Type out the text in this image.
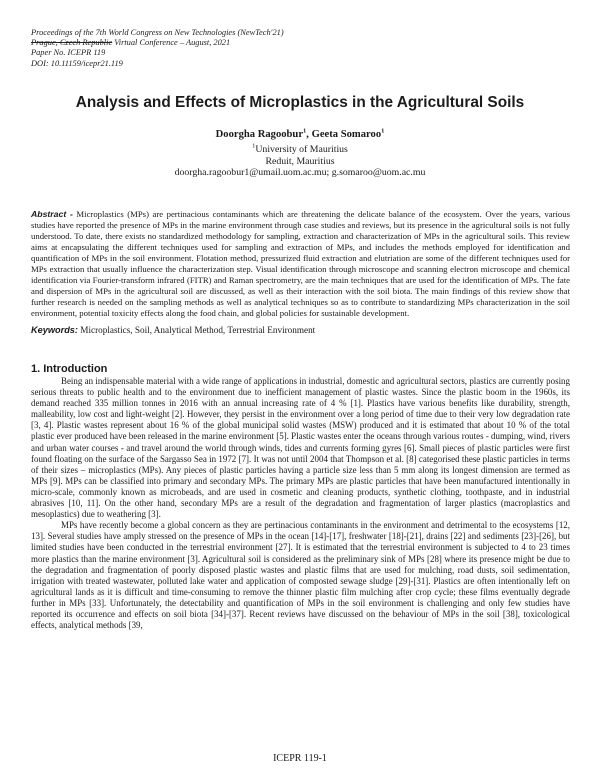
Proceedings of the 7th World Congress on New Technologies (NewTech'21)
Prague, Czech Republic Virtual Conference – August, 2021
Paper No. ICEPR 119
DOI: 10.11159/icepr21.119
Analysis and Effects of Microplastics in the Agricultural Soils
Doorgha Ragoobur$^1$, Geeta Somaroo$^1$
$^1$University of Mauritius
Reduit, Mauritius
doorgha.ragoobur1@umail.uom.ac.mu; g.somaroo@uom.ac.mu
Abstract - Microplastics (MPs) are pertinacious contaminants which are threatening the delicate balance of the ecosystem. Over the years, various studies have reported the presence of MPs in the marine environment through case studies and reviews, but its presence in the agricultural soils is not fully understood. To date, there exists no standardized methodology for sampling, extraction and characterization of MPs in the agricultural soils. This review aims at encapsulating the different techniques used for sampling and extraction of MPs, and includes the methods employed for identification and quantification of MPs in the soil environment. Flotation method, pressurized fluid extraction and elutriation are some of the different techniques used for MPs extraction that usually influence the characterization step. Visual identification through microscope and scanning electron microscope and chemical identification via Fourier-transform infrared (FITR) and Raman spectrometry, are the main techniques that are used for the identification of MPs. The fate and dispersion of MPs in the agricultural soil are discussed, as well as their interaction with the soil biota. The main findings of this review show that further research is needed on the sampling methods as well as analytical techniques so as to contribute to standardizing MPs characterization in the soil environment, potential toxicity effects along the food chain, and global policies for sustainable development.
Keywords: Microplastics, Soil, Analytical Method, Terrestrial Environment
1. Introduction

Being an indispensable material with a wide range of applications in industrial, domestic and agricultural sectors, plastics are currently posing serious threats to public health and to the environment due to inefficient management of plastic wastes. Since the plastic boom in the 1960s, its demand reached 335 million tonnes in 2016 with an annual increasing rate of 4 % [1]. Plastics have various benefits like durability, strength, malleability, low cost and light-weight [2]. However, they persist in the environment over a long period of time due to their very low degradation rate [3, 4]. Plastic wastes represent about 16 % of the global municipal solid wastes (MSW) produced and it is estimated that about 10 % of the total plastic ever produced have been released in the marine environment [5]. Plastic wastes enter the oceans through various routes - dumping, wind, rivers and urban water courses - and travel around the world through winds, tides and currents forming gyres [6]. Small pieces of plastic particles were first found floating on the surface of the Sargasso Sea in 1972 [7]. It was not until 2004 that Thompson et al. [8] categorised these plastic particles in terms of their sizes – microplastics (MPs). Any pieces of plastic particles having a particle size less than 5 mm along its longest dimension are termed as MPs [9]. MPs can be classified into primary and secondary MPs. The primary MPs are plastic particles that have been manufactured intentionally in micro-scale, commonly known as microbeads, and are used in cosmetic and cleaning products, synthetic clothing, toothpaste, and in industrial abrasives [10, 11]. On the other hand, secondary MPs are a result of the degradation and fragmentation of larger plastics (macroplastics and mesoplastics) due to weathering [3].

MPs have recently become a global concern as they are pertinacious contaminants in the environment and detrimental to the ecosystems [12, 13]. Several studies have amply stressed on the presence of MPs in the ocean [14]-[17], freshwater [18]-[21], drains [22] and sediments [23]-[26], but limited studies have been conducted in the terrestrial environment [27]. It is estimated that the terrestrial environment is subjected to 4 to 23 times more plastics than the marine environment [3]. Agricultural soil is considered as the preliminary sink of MPs [28] where its presence might be due to the degradation and fragmentation of poorly disposed plastic wastes and plastic films that are used for mulching, road dusts, soil sedimentation, irrigation with treated wastewater, polluted lake water and application of composted sewage sludge [29]-[31]. Plastics are often intentionally left on agricultural lands as it is difficult and time-consuming to remove the thinner plastic film mulching after crop cycle; these films eventually degrade further in MPs [33]. Unfortunately, the detectability and quantification of MPs in the soil environment is challenging and only few studies have reported its occurrence and effects on soil biota [34]-[37]. Recent reviews have discussed on the behaviour of MPs in the soil [38], toxicological effects, analytical methods [39,

ICEPR 119-1
